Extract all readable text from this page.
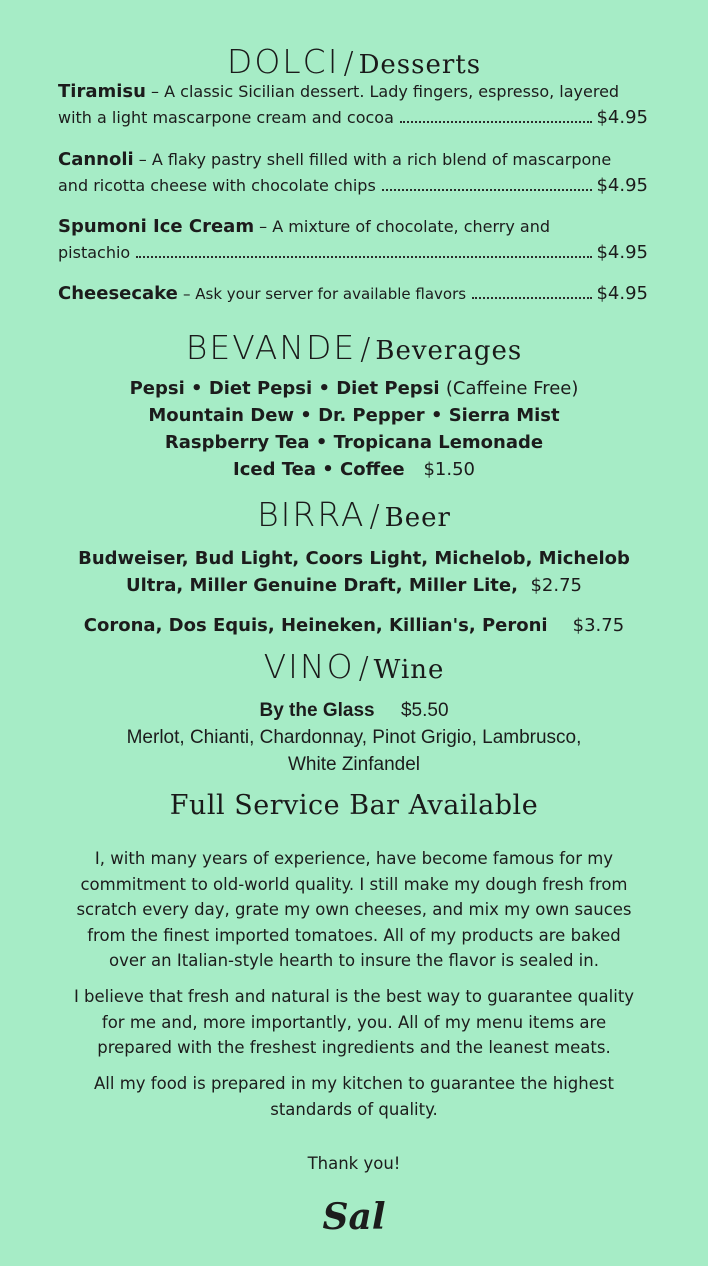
DOLCI / Desserts
Tiramisu
– A classic Sicilian dessert. Lady fingers, espresso, layered
with a light mascarpone cream and cocoa	$4.95
Cannoli
– A flaky pastry shell filled with a rich blend of mascarpone
and ricotta cheese with chocolate chips	$4.95
Spumoni Ice Cream
– A mixture of chocolate, cherry and
pistachio	$4.95
Cheesecake
– Ask your server for available flavors	$4.95
BEVANDE / Beverages
Pepsi • Diet Pepsi • Diet Pepsi (Caffeine Free)
Mountain Dew • Dr. Pepper • Sierra Mist
Raspberry Tea • Tropicana Lemonade
Iced Tea • Coffee $1.50
BIRRA / Beer
Budweiser, Bud Light, Coors Light, Michelob, Michelob
Ultra, Miller Genuine Draft, Miller Lite, $2.75
Corona, Dos Equis, Heineken, Killian's, Peroni $3.75
VINO / Wine
By the Glass $5.50
Merlot, Chianti, Chardonnay, Pinot Grigio, Lambrusco,
White Zinfandel
Full Service Bar Available
I, with many years of experience, have become famous for my
commitment to old-world quality. I still make my dough fresh from
scratch every day, grate my own cheeses, and mix my own sauces
from the finest imported tomatoes. All of my products are baked
over an Italian-style hearth to insure the flavor is sealed in.
I believe that fresh and natural is the best way to guarantee quality
for me and, more importantly, you. All of my menu items are
prepared with the freshest ingredients and the leanest meats.
All my food is prepared in my kitchen to guarantee the highest
standards of quality.
Thank you!
Sal
